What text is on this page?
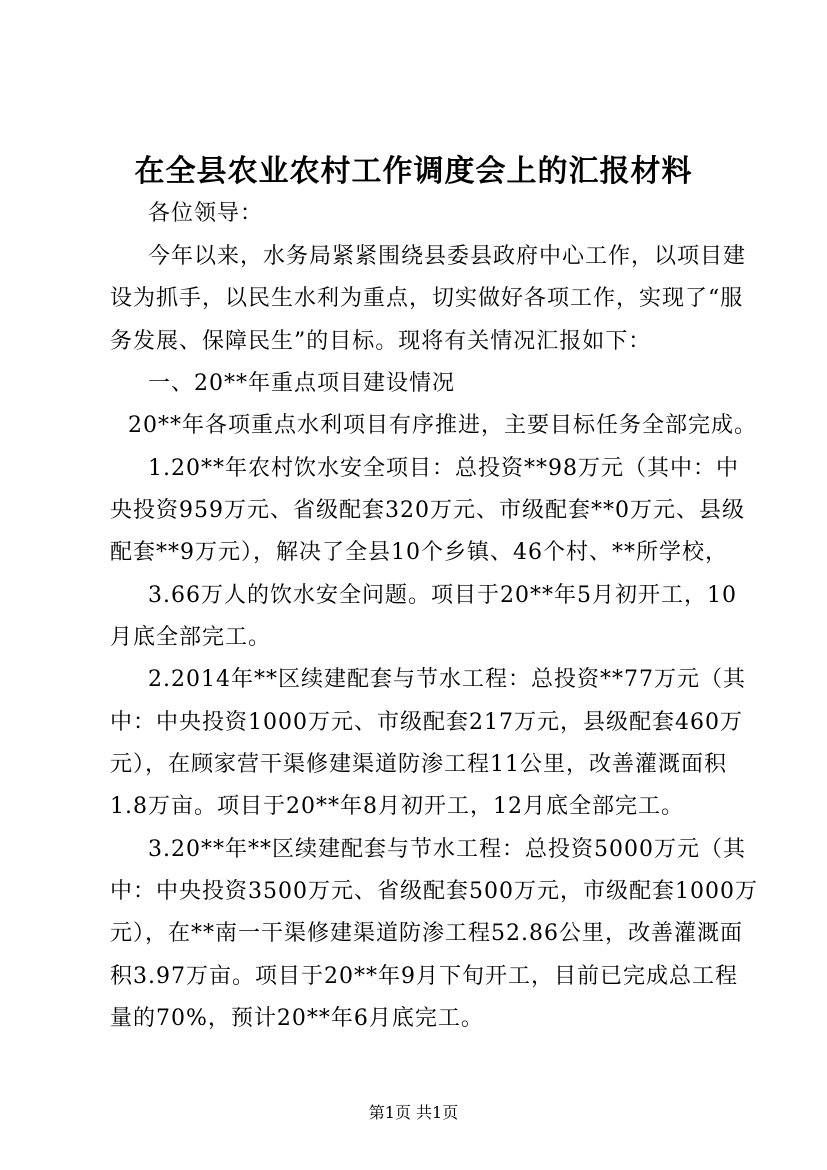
在全县农业农村工作调度会上的汇报材料
各位领导：
今年以来，水务局紧紧围绕县委县政府中心工作，以项目建
设为抓手，以民生水利为重点，切实做好各项工作，实现了“服
务发展、保障民生”的目标。现将有关情况汇报如下：
一、20**年重点项目建设情况
20**年各项重点水利项目有序推进，主要目标任务全部完成。
1.20**年农村饮水安全项目：总投资**98万元（其中：中
央投资959万元、省级配套320万元、市级配套**0万元、县级
配套**9万元），解决了全县10个乡镇、46个村、**所学校，
3.66万人的饮水安全问题。项目于20**年5月初开工，10
月底全部完工。
2.2014年**区续建配套与节水工程：总投资**77万元（其
中：中央投资1000万元、市级配套217万元，县级配套460万
元），在顾家营干渠修建渠道防渗工程11公里，改善灌溉面积
1.8万亩。项目于20**年8月初开工，12月底全部完工。
3.20**年**区续建配套与节水工程：总投资5000万元（其
中：中央投资3500万元、省级配套500万元，市级配套1000万
元），在**南一干渠修建渠道防渗工程52.86公里，改善灌溉面
积3.97万亩。项目于20**年9月下旬开工，目前已完成总工程
量的70%，预计20**年6月底完工。
第1页 共1页
